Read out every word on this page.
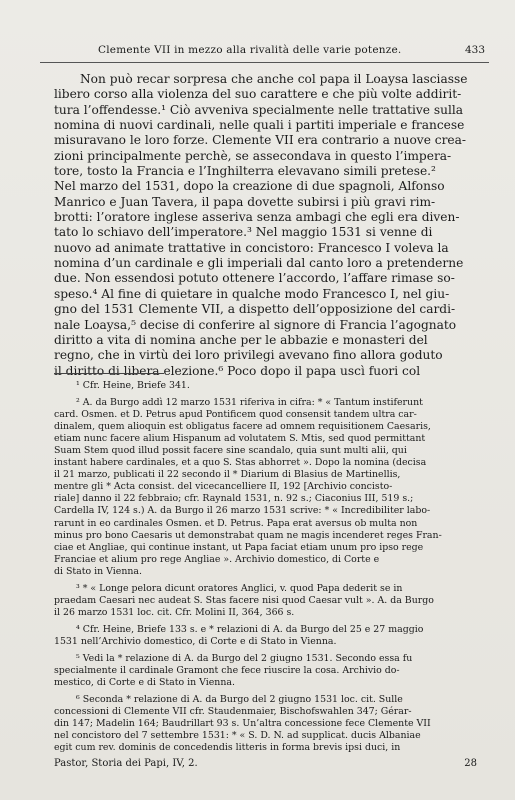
Clemente VII in mezzo alla rivalità delle varie potenze.	433
Non può recar sorpresa che anche col papa il Loaysa lasciasse
libero corso alla violenza del suo carattere e che più volte addirit-
tura l’offendesse.¹ Ciò avveniva specialmente nelle trattative sulla
nomina di nuovi cardinali, nelle quali i partiti imperiale e francese
misuravano le loro forze. Clemente VII era contrario a nuove crea-
zioni principalmente perchè, se assecondava in questo l’impera-
tore, tosto la Francia e l’Inghilterra elevavano simili pretese.²
Nel marzo del 1531, dopo la creazione di due spagnoli, Alfonso
Manrico e Juan Tavera, il papa dovette subirsi i più gravi rim-
brotti: l’oratore inglese asseriva senza ambagi che egli era diven-
tato lo schiavo dell’imperatore.³ Nel maggio 1531 si venne di
nuovo ad animate trattative in concistoro: Francesco I voleva la
nomina d’un cardinale e gli imperiali dal canto loro a pretenderne
due. Non essendosi potuto ottenere l’accordo, l’affare rimase so-
speso.⁴ Al fine di quietare in qualche modo Francesco I, nel giu-
gno del 1531 Clemente VII, a dispetto dell’opposizione del cardi-
nale Loaysa,⁵ decise di conferire al signore di Francia l’agognato
diritto a vita di nomina anche per le abbazie e monasteri del
regno, che in virtù dei loro privilegi avevano fino allora goduto
il diritto di libera elezione.⁶ Poco dopo il papa uscì fuori col
¹ Cfr. Heine, Briefe 341.
² A. da Burgo addì 12 marzo 1531 riferiva in cifra: * « Tantum instiferunt
card. Osmen. et D. Petrus apud Pontificem quod consensit tandem ultra car-
dinalem, quem alioquin est obligatus facere ad omnem requisitionem Caesaris,
etiam nunc facere alium Hispanum ad volutatem S. Mtis, sed quod permittant
Suam Stem quod illud possit facere sine scandalo, quia sunt multi alii, qui
instant habere cardinales, et a quo S. Stas abhorret ». Dopo la nomina (decisa
il 21 marzo, publicati il 22 secondo il * Diarium di Blasius de Martinellis,
mentre gli * Acta consist. del vicecancelliere II, 192 [Archivio concisto-
riale] danno il 22 febbraio; cfr. Raynald 1531, n. 92 s.; Ciaconius III, 519 s.;
Cardella IV, 124 s.) A. da Burgo il 26 marzo 1531 scrive: * « Incredibiliter labo-
rarunt in eo cardinales Osmen. et D. Petrus. Papa erat aversus ob multa non
minus pro bono Caesaris ut demonstrabat quam ne magis incenderet reges Fran-
ciae et Angliae, qui continue instant, ut Papa faciat etiam unum pro ipso rege
Franciae et alium pro rege Angliae ». Archivio domestico, di Corte e
di Stato in Vienna.
³ * « Longe pelora dicunt oratores Anglici, v. quod Papa dederit se in
praedam Caesari nec audeat S. Stas facere nisi quod Caesar vult ». A. da Burgo
il 26 marzo 1531 loc. cit. Cfr. Molini II, 364, 366 s.
⁴ Cfr. Heine, Briefe 133 s. e * relazioni di A. da Burgo del 25 e 27 maggio
1531 nell’Archivio domestico, di Corte e di Stato in Vienna.
⁵ Vedi la * relazione di A. da Burgo del 2 giugno 1531. Secondo essa fu
specialmente il cardinale Gramont che fece riuscire la cosa. Archivio do-
mestico, di Corte e di Stato in Vienna.
⁶ Seconda * relazione di A. da Burgo del 2 giugno 1531 loc. cit. Sulle
concessioni di Clemente VII cfr. Staudenmaier, Bischofswahlen 347; Gérar-
din 147; Madelin 164; Baudrillart 93 s. Un’altra concessione fece Clemente VII
nel concistoro del 7 settembre 1531: * « S. D. N. ad supplicat. ducis Albaniae
egit cum rev. dominis de concedendis litteris in forma brevis ipsi duci, in
Pastor, Storia dei Papi, IV, 2.	28
